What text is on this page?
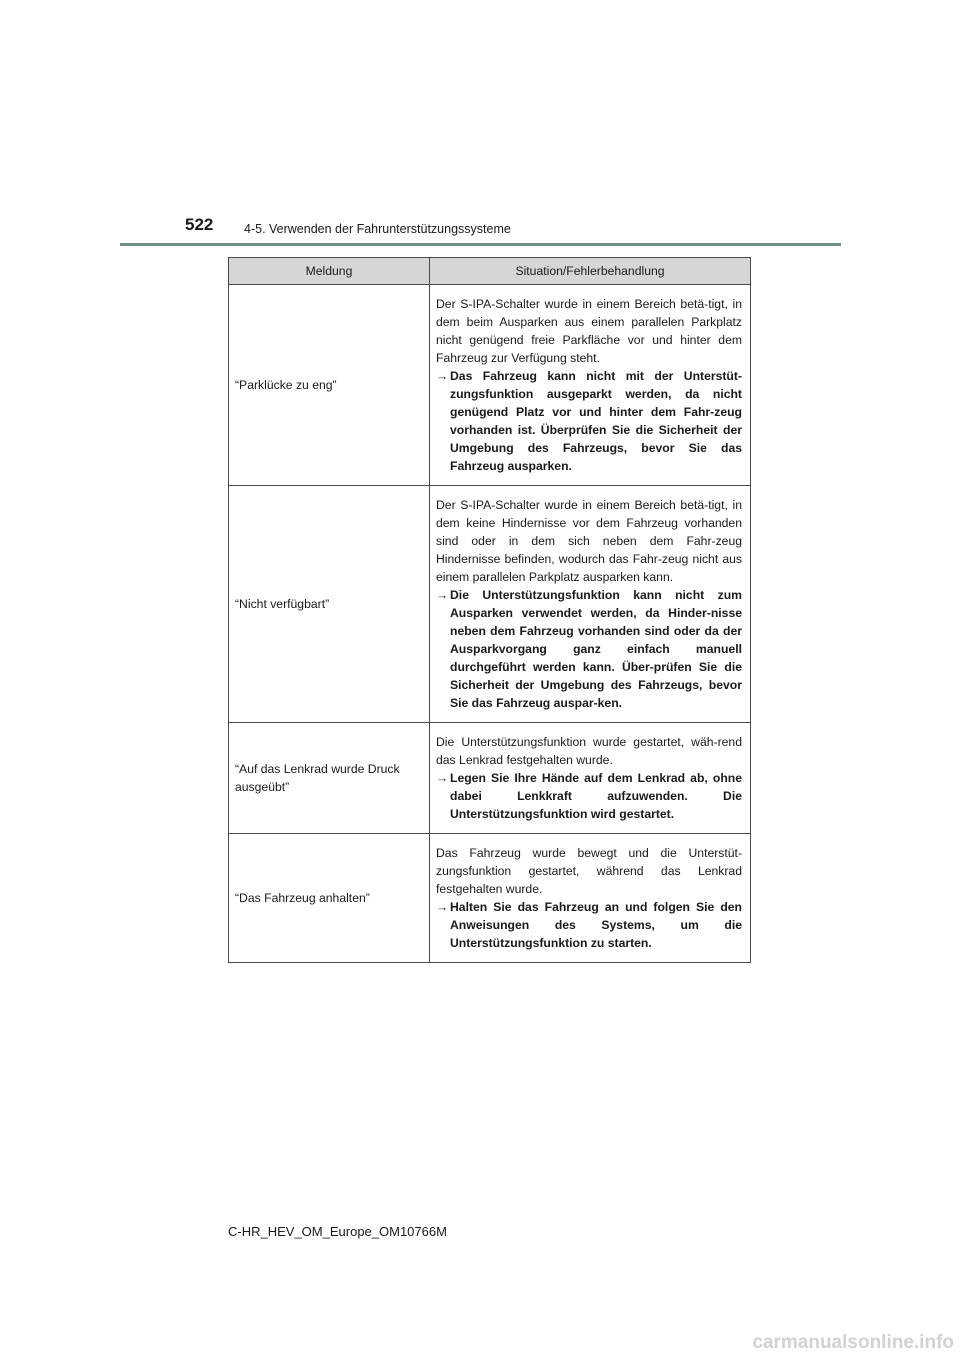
522 4-5. Verwenden der Fahrunterstützungssysteme
Meldung	Situation/Fehlerbehandlung
“Parklücke zu eng”	Der S-IPA-Schalter wurde in einem Bereich betä-tigt, in dem beim Ausparken aus einem parallelen Parkplatz nicht genügend freie Parkfläche vor und hinter dem Fahrzeug zur Verfügung steht.
→ Das Fahrzeug kann nicht mit der Unterstüt-zungsfunktion ausgeparkt werden, da nicht genügend Platz vor und hinter dem Fahr-zeug vorhanden ist. Überprüfen Sie die Sicherheit der Umgebung des Fahrzeugs, bevor Sie das Fahrzeug ausparken.

“Nicht verfügbart”	Der S-IPA-Schalter wurde in einem Bereich betä-tigt, in dem keine Hindernisse vor dem Fahrzeug vorhanden sind oder in dem sich neben dem Fahr-zeug Hindernisse befinden, wodurch das Fahr-zeug nicht aus einem parallelen Parkplatz ausparken kann.
→ Die Unterstützungsfunktion kann nicht zum Ausparken verwendet werden, da Hinder-nisse neben dem Fahrzeug vorhanden sind oder da der Ausparkvorgang ganz einfach manuell durchgeführt werden kann. Über-prüfen Sie die Sicherheit der Umgebung des Fahrzeugs, bevor Sie das Fahrzeug auspar-ken.

“Auf das Lenkrad wurde Druck ausgeübt”	Die Unterstützungsfunktion wurde gestartet, wäh-rend das Lenkrad festgehalten wurde.
→ Legen Sie Ihre Hände auf dem Lenkrad ab, ohne dabei Lenkkraft aufzuwenden. Die Unterstützungsfunktion wird gestartet.

“Das Fahrzeug anhalten”	Das Fahrzeug wurde bewegt und die Unterstüt-zungsfunktion gestartet, während das Lenkrad festgehalten wurde.
→ Halten Sie das Fahrzeug an und folgen Sie den Anweisungen des Systems, um die Unterstützungsfunktion zu starten.
C-HR_HEV_OM_Europe_OM10766M
carmanualsonline.info
